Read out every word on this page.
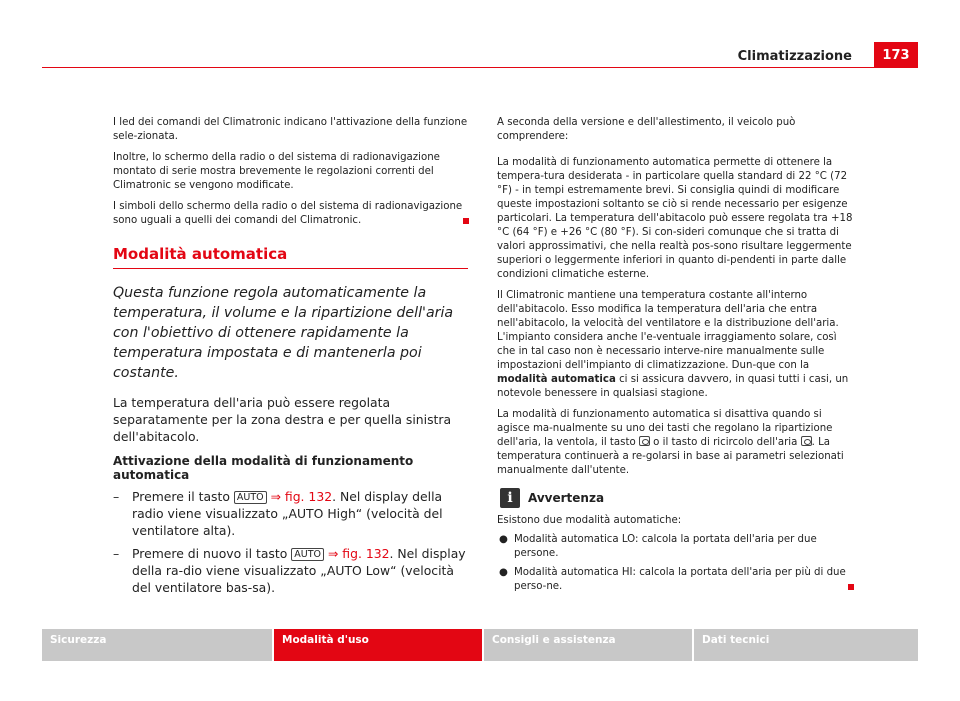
Climatizzazione	173

I led dei comandi del Climatronic indicano l'attivazione della funzione sele-zionata.

Inoltre, lo schermo della radio o del sistema di radionavigazione montato di serie mostra brevemente le regolazioni correnti del Climatronic se vengono modificate.

I simboli dello schermo della radio o del sistema di radionavigazione sono uguali a quelli dei comandi del Climatronic.

Modalità automatica

Questa funzione regola automaticamente la temperatura, il volume e la ripartizione dell'aria con l'obiettivo di ottenere rapidamente la temperatura impostata e di mantenerla poi costante.

La temperatura dell'aria può essere regolata separatamente per la zona destra e per quella sinistra dell'abitacolo.

Attivazione della modalità di funzionamento automatica

– Premere il tasto AUTO ⇒ fig. 132. Nel display della radio viene visualizzato „AUTO High“ (velocità del ventilatore alta).
– Premere di nuovo il tasto AUTO ⇒ fig. 132. Nel display della ra-dio viene visualizzato „AUTO Low“ (velocità del ventilatore bas-sa).

A seconda della versione e dell'allestimento, il veicolo può comprendere:

La modalità di funzionamento automatica permette di ottenere la tempera-tura desiderata - in particolare quella standard di 22 °C (72 °F) - in tempi estremamente brevi. Si consiglia quindi di modificare queste impostazioni soltanto se ciò si rende necessario per esigenze particolari. La temperatura dell'abitacolo può essere regolata tra +18 °C (64 °F) e +26 °C (80 °F). Si con-sideri comunque che si tratta di valori approssimativi, che nella realtà pos-sono risultare leggermente superiori o leggermente inferiori in quanto di-pendenti in parte dalle condizioni climatiche esterne.

Il Climatronic mantiene una temperatura costante all'interno dell'abitacolo. Esso modifica la temperatura dell'aria che entra nell'abitacolo, la velocità del ventilatore e la distribuzione dell'aria. L'impianto considera anche l'e-ventuale irraggiamento solare, così che in tal caso non è necessario interve-nire manualmente sulle impostazioni dell'impianto di climatizzazione. Dun-que con la modalità automatica ci si assicura davvero, in quasi tutti i casi, un notevole benessere in qualsiasi stagione.

La modalità di funzionamento automatica si disattiva quando si agisce ma-nualmente su uno dei tasti che regolano la ripartizione dell'aria, la ventola, il tasto  o il tasto di ricircolo dell'aria . La temperatura continuerà a re-golarsi in base ai parametri selezionati manualmente dall'utente.

i	Avvertenza

Esistono due modalità automatiche:

● Modalità automatica LO: calcola la portata dell'aria per due persone.
● Modalità automatica HI: calcola la portata dell'aria per più di due perso-ne.
Sicurezza	Modalità d'uso	Consigli e assistenza	Dati tecnici
